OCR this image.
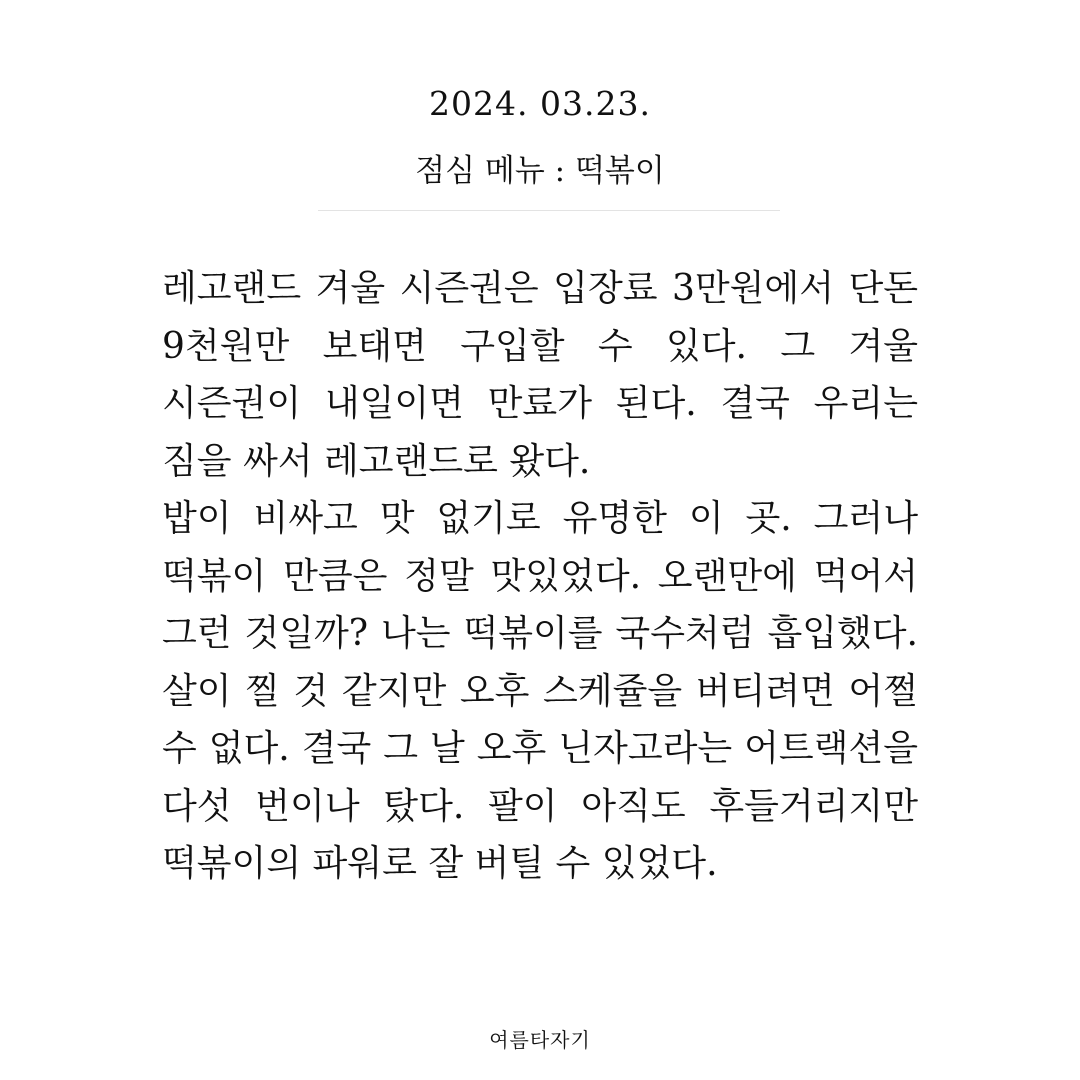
2024. 03.23.
점심 메뉴 : 떡볶이

레고랜드 겨울 시즌권은 입장료 3만원에서 단돈 9천원만 보태면 구입할 수 있다. 그 겨울 시즌권이 내일이면 만료가 된다. 결국 우리는 짐을 싸서 레고랜드로 왔다.

밥이 비싸고 맛 없기로 유명한 이 곳. 그러나 떡볶이 만큼은 정말 맛있었다. 오랜만에 먹어서 그런 것일까? 나는 떡볶이를 국수처럼 흡입했다. 살이 찔 것 같지만 오후 스케쥴을 버티려면 어쩔 수 없다. 결국 그 날 오후 닌자고라는 어트랙션을 다섯 번이나 탔다. 팔이 아직도 후들거리지만 떡볶이의 파워로 잘 버틸 수 있었다.

여름타자기
